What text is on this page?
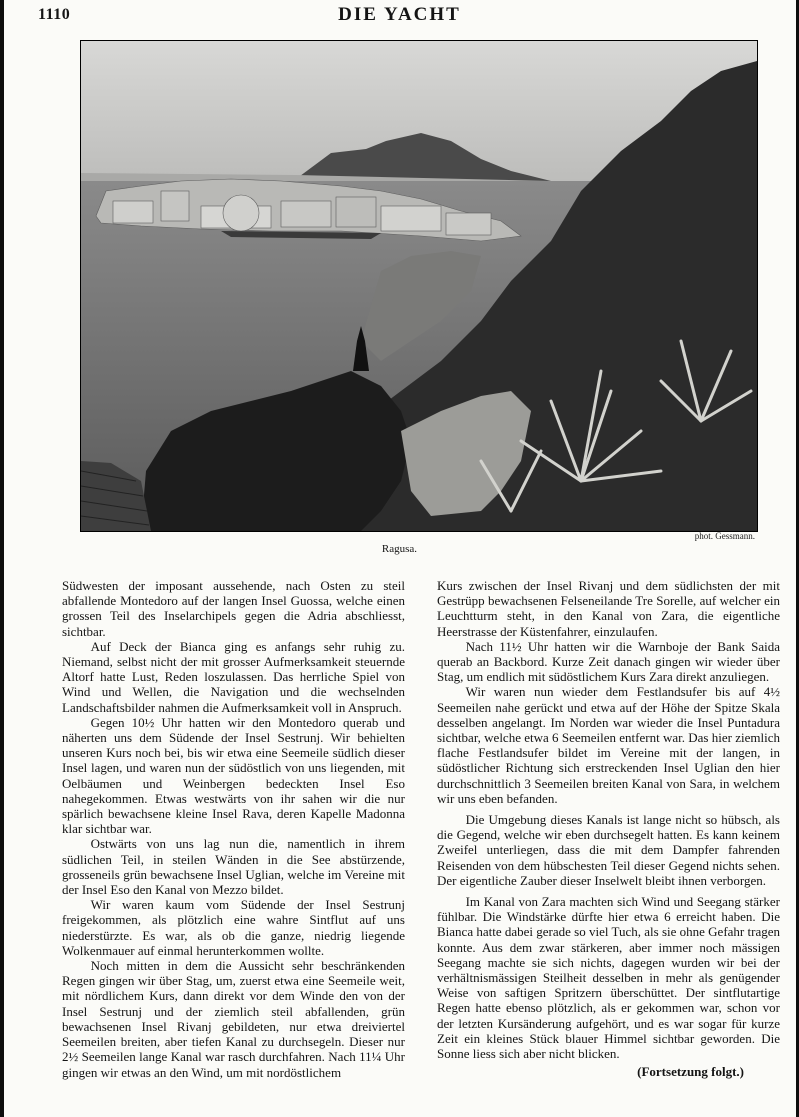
1110	DIE YACHT
phot. Gessmann.
Ragusa.

Südwesten der imposant aussehende, nach Osten zu steil abfallende Montedoro auf der langen Insel Guossa, welche einen grossen Teil des Inselarchipels gegen die Adria abschliesst, sichtbar.

Auf Deck der Bianca ging es anfangs sehr ruhig zu. Niemand, selbst nicht der mit grosser Aufmerksamkeit steuernde Altorf hatte Lust, Reden loszulassen. Das herrliche Spiel von Wind und Wellen, die Navigation und die wechselnden Landschaftsbilder nahmen die Aufmerksamkeit voll in Anspruch.

Gegen 10½ Uhr hatten wir den Montedoro querab und näherten uns dem Südende der Insel Sestrunj. Wir behielten unseren Kurs noch bei, bis wir etwa eine Seemeile südlich dieser Insel lagen, und waren nun der südöstlich von uns liegenden, mit Oelbäumen und Weinbergen bedeckten Insel Eso nahegekommen. Etwas westwärts von ihr sahen wir die nur spärlich bewachsene kleine Insel Rava, deren Kapelle Madonna klar sichtbar war.

Ostwärts von uns lag nun die, namentlich in ihrem südlichen Teil, in steilen Wänden in die See abstürzende, grosseneils grün bewachsene Insel Uglian, welche im Vereine mit der Insel Eso den Kanal von Mezzo bildet.

Wir waren kaum vom Südende der Insel Sestrunj freigekommen, als plötzlich eine wahre Sintflut auf uns niederstürzte. Es war, als ob die ganze, niedrig liegende Wolkenmauer auf einmal herunterkommen wollte.

Noch mitten in dem die Aussicht sehr beschränkenden Regen gingen wir über Stag, um, zuerst etwa eine Seemeile weit, mit nördlichem Kurs, dann direkt vor dem Winde den von der Insel Sestrunj und der ziemlich steil abfallenden, grün bewachsenen Insel Rivanj gebildeten, nur etwa dreiviertel Seemeilen breiten, aber tiefen Kanal zu durchsegeln. Dieser nur 2½ Seemeilen lange Kanal war rasch durchfahren. Nach 11¼ Uhr gingen wir etwas an den Wind, um mit nordöstlichem

Kurs zwischen der Insel Rivanj und dem südlichsten der mit Gestrüpp bewachsenen Felseneilande Tre Sorelle, auf welcher ein Leuchtturm steht, in den Kanal von Zara, die eigentliche Heerstrasse der Küstenfahrer, einzulaufen.

Nach 11½ Uhr hatten wir die Warnboje der Bank Saida querab an Backbord. Kurze Zeit danach gingen wir wieder über Stag, um endlich mit südöstlichem Kurs Zara direkt anzuliegen.

Wir waren nun wieder dem Festlandsufer bis auf 4½ Seemeilen nahe gerückt und etwa auf der Höhe der Spitze Skala desselben angelangt. Im Norden war wieder die Insel Puntadura sichtbar, welche etwa 6 Seemeilen entfernt war. Das hier ziemlich flache Festlandsufer bildet im Vereine mit der langen, in südöstlicher Richtung sich erstreckenden Insel Uglian den hier durchschnittlich 3 Seemeilen breiten Kanal von Sara, in welchem wir uns eben befanden.

Die Umgebung dieses Kanals ist lange nicht so hübsch, als die Gegend, welche wir eben durchsegelt hatten. Es kann keinem Zweifel unterliegen, dass die mit dem Dampfer fahrenden Reisenden von dem hübschesten Teil dieser Gegend nichts sehen. Der eigentliche Zauber dieser Inselwelt bleibt ihnen verborgen.

Im Kanal von Zara machten sich Wind und Seegang stärker fühlbar. Die Windstärke dürfte hier etwa 6 erreicht haben. Die Bianca hatte dabei gerade so viel Tuch, als sie ohne Gefahr tragen konnte. Aus dem zwar stärkeren, aber immer noch mässigen Seegang machte sie sich nichts, dagegen wurden wir bei der verhältnismässigen Steilheit desselben in mehr als genügender Weise von saftigen Spritzern überschüttet. Der sintflutartige Regen hatte ebenso plötzlich, als er gekommen war, schon vor der letzten Kursänderung aufgehört, und es war sogar für kurze Zeit ein kleines Stück blauer Himmel sichtbar geworden. Die Sonne liess sich aber nicht blicken.

(Fortsetzung folgt.)
